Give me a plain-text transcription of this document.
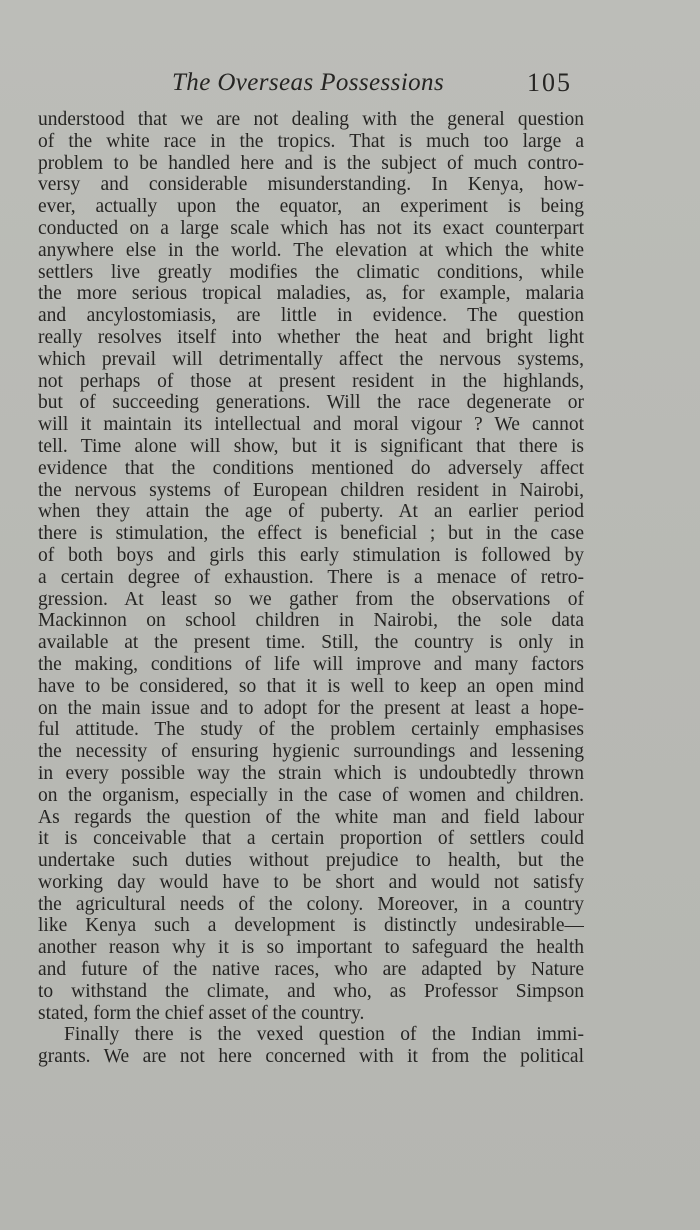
The Overseas Possessions	105
understood that we are not dealing with the general question
of the white race in the tropics. That is much too large a
problem to be handled here and is the subject of much contro-
versy and considerable misunderstanding. In Kenya, how-
ever, actually upon the equator, an experiment is being
conducted on a large scale which has not its exact counterpart
anywhere else in the world. The elevation at which the white
settlers live greatly modifies the climatic conditions, while
the more serious tropical maladies, as, for example, malaria
and ancylostomiasis, are little in evidence. The question
really resolves itself into whether the heat and bright light
which prevail will detrimentally affect the nervous systems,
not perhaps of those at present resident in the highlands,
but of succeeding generations. Will the race degenerate or
will it maintain its intellectual and moral vigour ? We cannot
tell. Time alone will show, but it is significant that there is
evidence that the conditions mentioned do adversely affect
the nervous systems of European children resident in Nairobi,
when they attain the age of puberty. At an earlier period
there is stimulation, the effect is beneficial ; but in the case
of both boys and girls this early stimulation is followed by
a certain degree of exhaustion. There is a menace of retro-
gression. At least so we gather from the observations of
Mackinnon on school children in Nairobi, the sole data
available at the present time. Still, the country is only in
the making, conditions of life will improve and many factors
have to be considered, so that it is well to keep an open mind
on the main issue and to adopt for the present at least a hope-
ful attitude. The study of the problem certainly emphasises
the necessity of ensuring hygienic surroundings and lessening
in every possible way the strain which is undoubtedly thrown
on the organism, especially in the case of women and children.
As regards the question of the white man and field labour
it is conceivable that a certain proportion of settlers could
undertake such duties without prejudice to health, but the
working day would have to be short and would not satisfy
the agricultural needs of the colony. Moreover, in a country
like Kenya such a development is distinctly undesirable—
another reason why it is so important to safeguard the health
and future of the native races, who are adapted by Nature
to withstand the climate, and who, as Professor Simpson
stated, form the chief asset of the country.
Finally there is the vexed question of the Indian immi-
grants. We are not here concerned with it from the political
